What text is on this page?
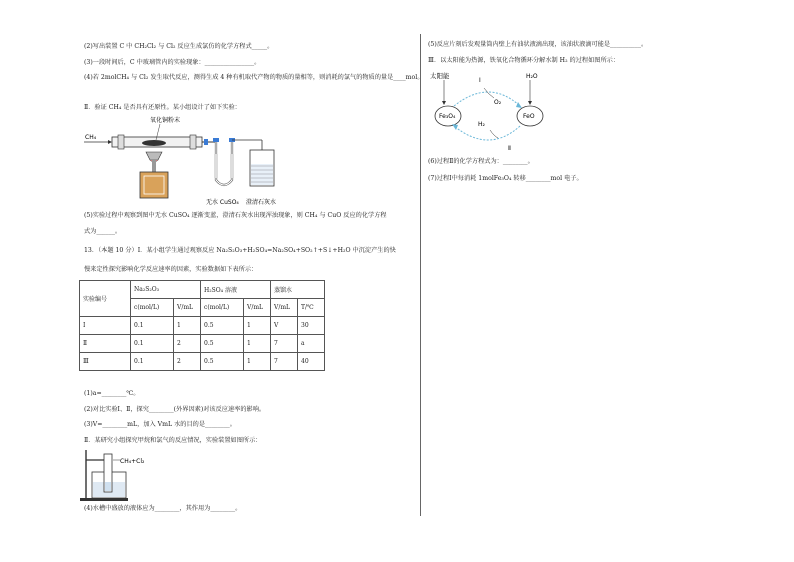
(2)写出装置 C 中 CH₂Cl₂ 与 Cl₂ 反应生成氯仿的化学方程式_____。
(3)一段时间后，C 中玻璃管内的实验现象：________________。
(4)若 2molCH₄ 与 Cl₂ 发生取代反应，测得生成 4 种有机取代产物的物质的量相等，则消耗的氯气的物质的量是____mol。
Ⅱ．验证 CH₄ 是否具有还原性。某小组设计了如下实验：
CH₄
氧化铜粉末
无水 CuSO₄ 澄清石灰水
(5)实验过程中观察到图中无水 CuSO₄ 逐渐变蓝，澄清石灰水出现浑浊现象，则 CH₄ 与 CuO 反应的化学方程
式为______。
13．（本题 10 分）Ⅰ．某小组学生通过观察反应 Na₂S₂O₃+H₂SO₄=Na₂SO₄+SO₂↑+S↓+H₂O 中沉淀产生的快
慢来定性探究影响化学反应速率的因素，实验数据如下表所示：
实验编号	Na₂S₂O₃		H₂SO₄ 溶液		蒸馏水	
	c(mol/L)	V/mL	c(mol/L)	V/mL	V/mL	T/℃
Ⅰ	0.1	1	0.5	1	V	30
Ⅱ	0.1	2	0.5	1	7	a
Ⅲ	0.1	2	0.5	1	7	40
(1)a=________℃。
(2)对比实验Ⅰ、Ⅱ，探究________(外界因素)对该反应速率的影响。
(3)V=________mL，加入 VmL 水的目的是________。
Ⅱ．某研究小组探究甲烷和氯气的反应情况，实验装置如图所示：
CH₄+Cl₂
(4)水槽中盛放的液体应为________，其作用为________。
(5)反应片刻后发观量筒内壁上有油状液滴出现，该油状液滴可能是__________。
Ⅲ．以太阳能为热源，铁氧化合物循环分解水制 H₂ 的过程如图所示：
太阳能
Fe₃O₄	FeO
Ⅰ
O₂
H₂O
H₂
Ⅱ
(6)过程Ⅱ的化学方程式为：________。
(7)过程Ⅰ中每消耗 1molFe₃O₄ 转移________mol 电子。
